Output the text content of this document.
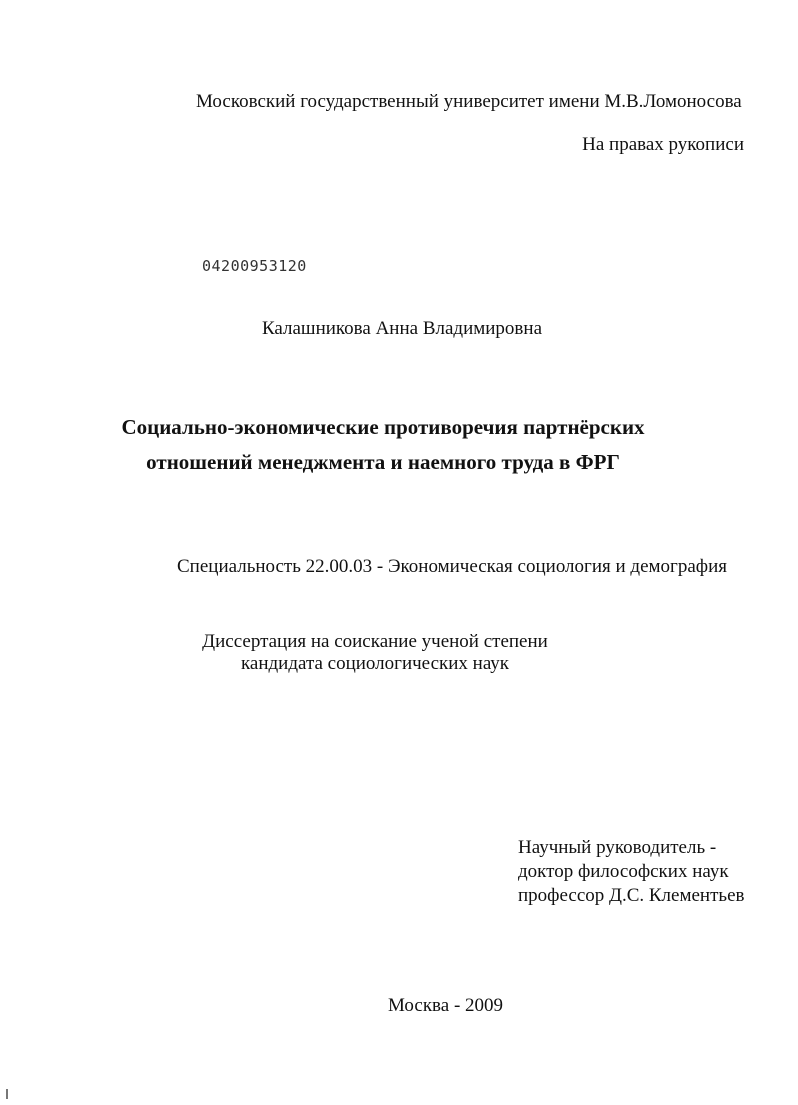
Московский государственный университет имени М.В.Ломоносова

На правах рукописи

04200953120

Калашникова Анна Владимировна

Социально-экономические противоречия партнёрских
отношений менеджмента и наемного труда в ФРГ

Специальность 22.00.03 - Экономическая социология и демография

Диссертация на соискание ученой степени
кандидата социологических наук
Научный руководитель -
доктор философских наук
профессор Д.С. Клементьев

Москва - 2009
